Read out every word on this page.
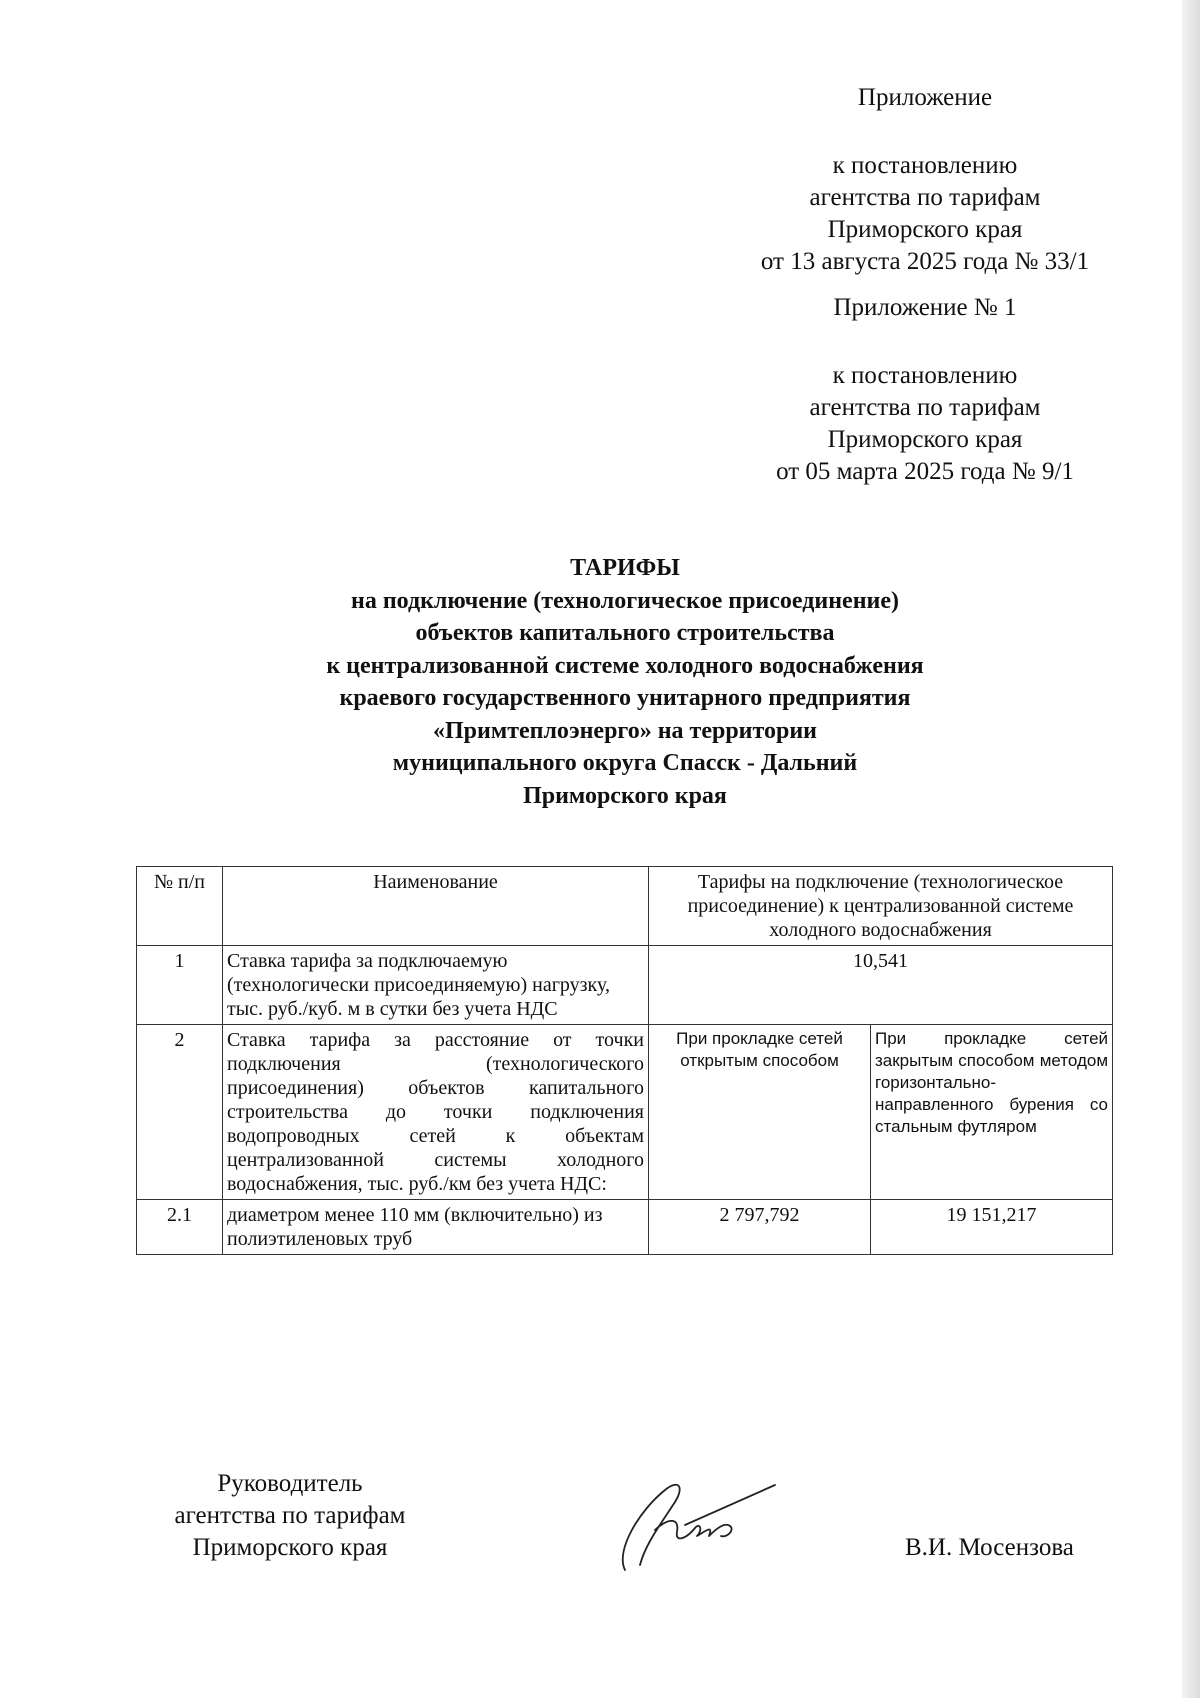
Приложение

к постановлению

агентства по тарифам

Приморского края

от 13 августа 2025 года № 33/1

Приложение № 1

к постановлению

агентства по тарифам

Приморского края

от 05 марта 2025 года № 9/1

ТАРИФЫ

на подключение (технологическое присоединение)

объектов капитального строительства

к централизованной системе холодного водоснабжения

краевого государственного унитарного предприятия

«Примтеплоэнерго» на территории

муниципального округа Спасск - Дальний

Приморского края

№ п/п	Наименование	Тарифы на подключение (технологическое присоединение) к централизованной системе холодного водоснабжения	
1	Ставка тарифа за подключаемую (технологически присоединяемую) нагрузку, тыс. руб./куб. м в сутки без учета НДС	10,541	
2	Ставка тарифа за расстояние от точки подключения (технологического присоединения) объектов капитального строительства до точки подключения водопроводных сетей к объектам централизованной системы холодного водоснабжения, тыс. руб./км без учета НДС:	При прокладке сетей открытым способом	При прокладке сетей закрытым способом методом горизонтально-направленного бурения со стальным футляром
2.1	диаметром менее 110 мм (включительно) из полиэтиленовых труб	2 797,792	19 151,217

Руководитель

агентства по тарифам

Приморского края	В.И. Мосензова
